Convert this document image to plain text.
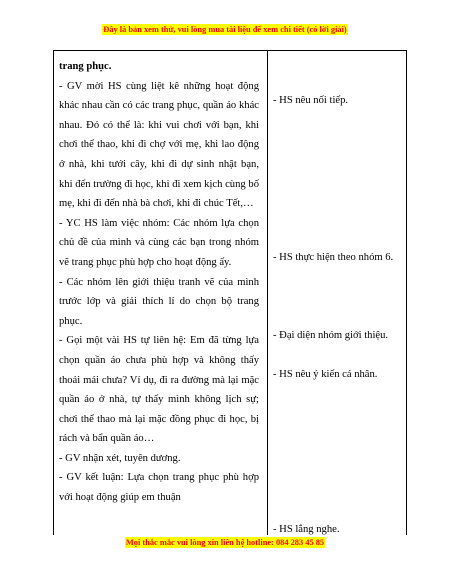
Đây là bản xem thử, vui lòng mua tài liệu để xem chi tiết (có lời giải)
trang phục.
- GV mời HS cùng liệt kê những hoạt động khác nhau cần có các trang phục, quần áo khác nhau. Đó có thể là: khi vui chơi với bạn, khi chơi thể thao, khi đi chợ với mẹ, khi lao động ở nhà, khi tưới cây, khi đi dự sinh nhật bạn, khi đến trường đi học, khi đi xem kịch cùng bố mẹ, khi đi đến nhà bà chơi, khi đi chúc Tết,…
- YC HS làm việc nhóm: Các nhóm lựa chọn chủ đề của mình và cùng các bạn trong nhóm vẽ trang phục phù hợp cho hoạt động ấy.
- Các nhóm lên giới thiệu tranh vẽ của mình trước lớp và giải thích lí do chọn bộ trang phục.
- Gọi một vài HS tự liên hệ: Em đã từng lựa chọn quần áo chưa phù hợp và không thấy thoải mái chưa? Ví dụ, đi ra đường mà lại mặc quần áo ở nhà, tự thấy mình không lịch sự; chơi thể thao mà lại mặc đồng phục đi học, bị rách và bẩn quần áo…
- GV nhận xét, tuyên dương.
- GV kết luận: Lựa chọn trang phục phù hợp với hoạt động giúp em thuận
- HS nêu nối tiếp.
- HS thực hiện theo nhóm 6.
- Đại diện nhóm giới thiệu.
- HS nêu ý kiến cá nhân.
- HS lắng nghe.
Mọi thắc mắc vui lòng xin liên hệ hotline: 084 283 45 85
